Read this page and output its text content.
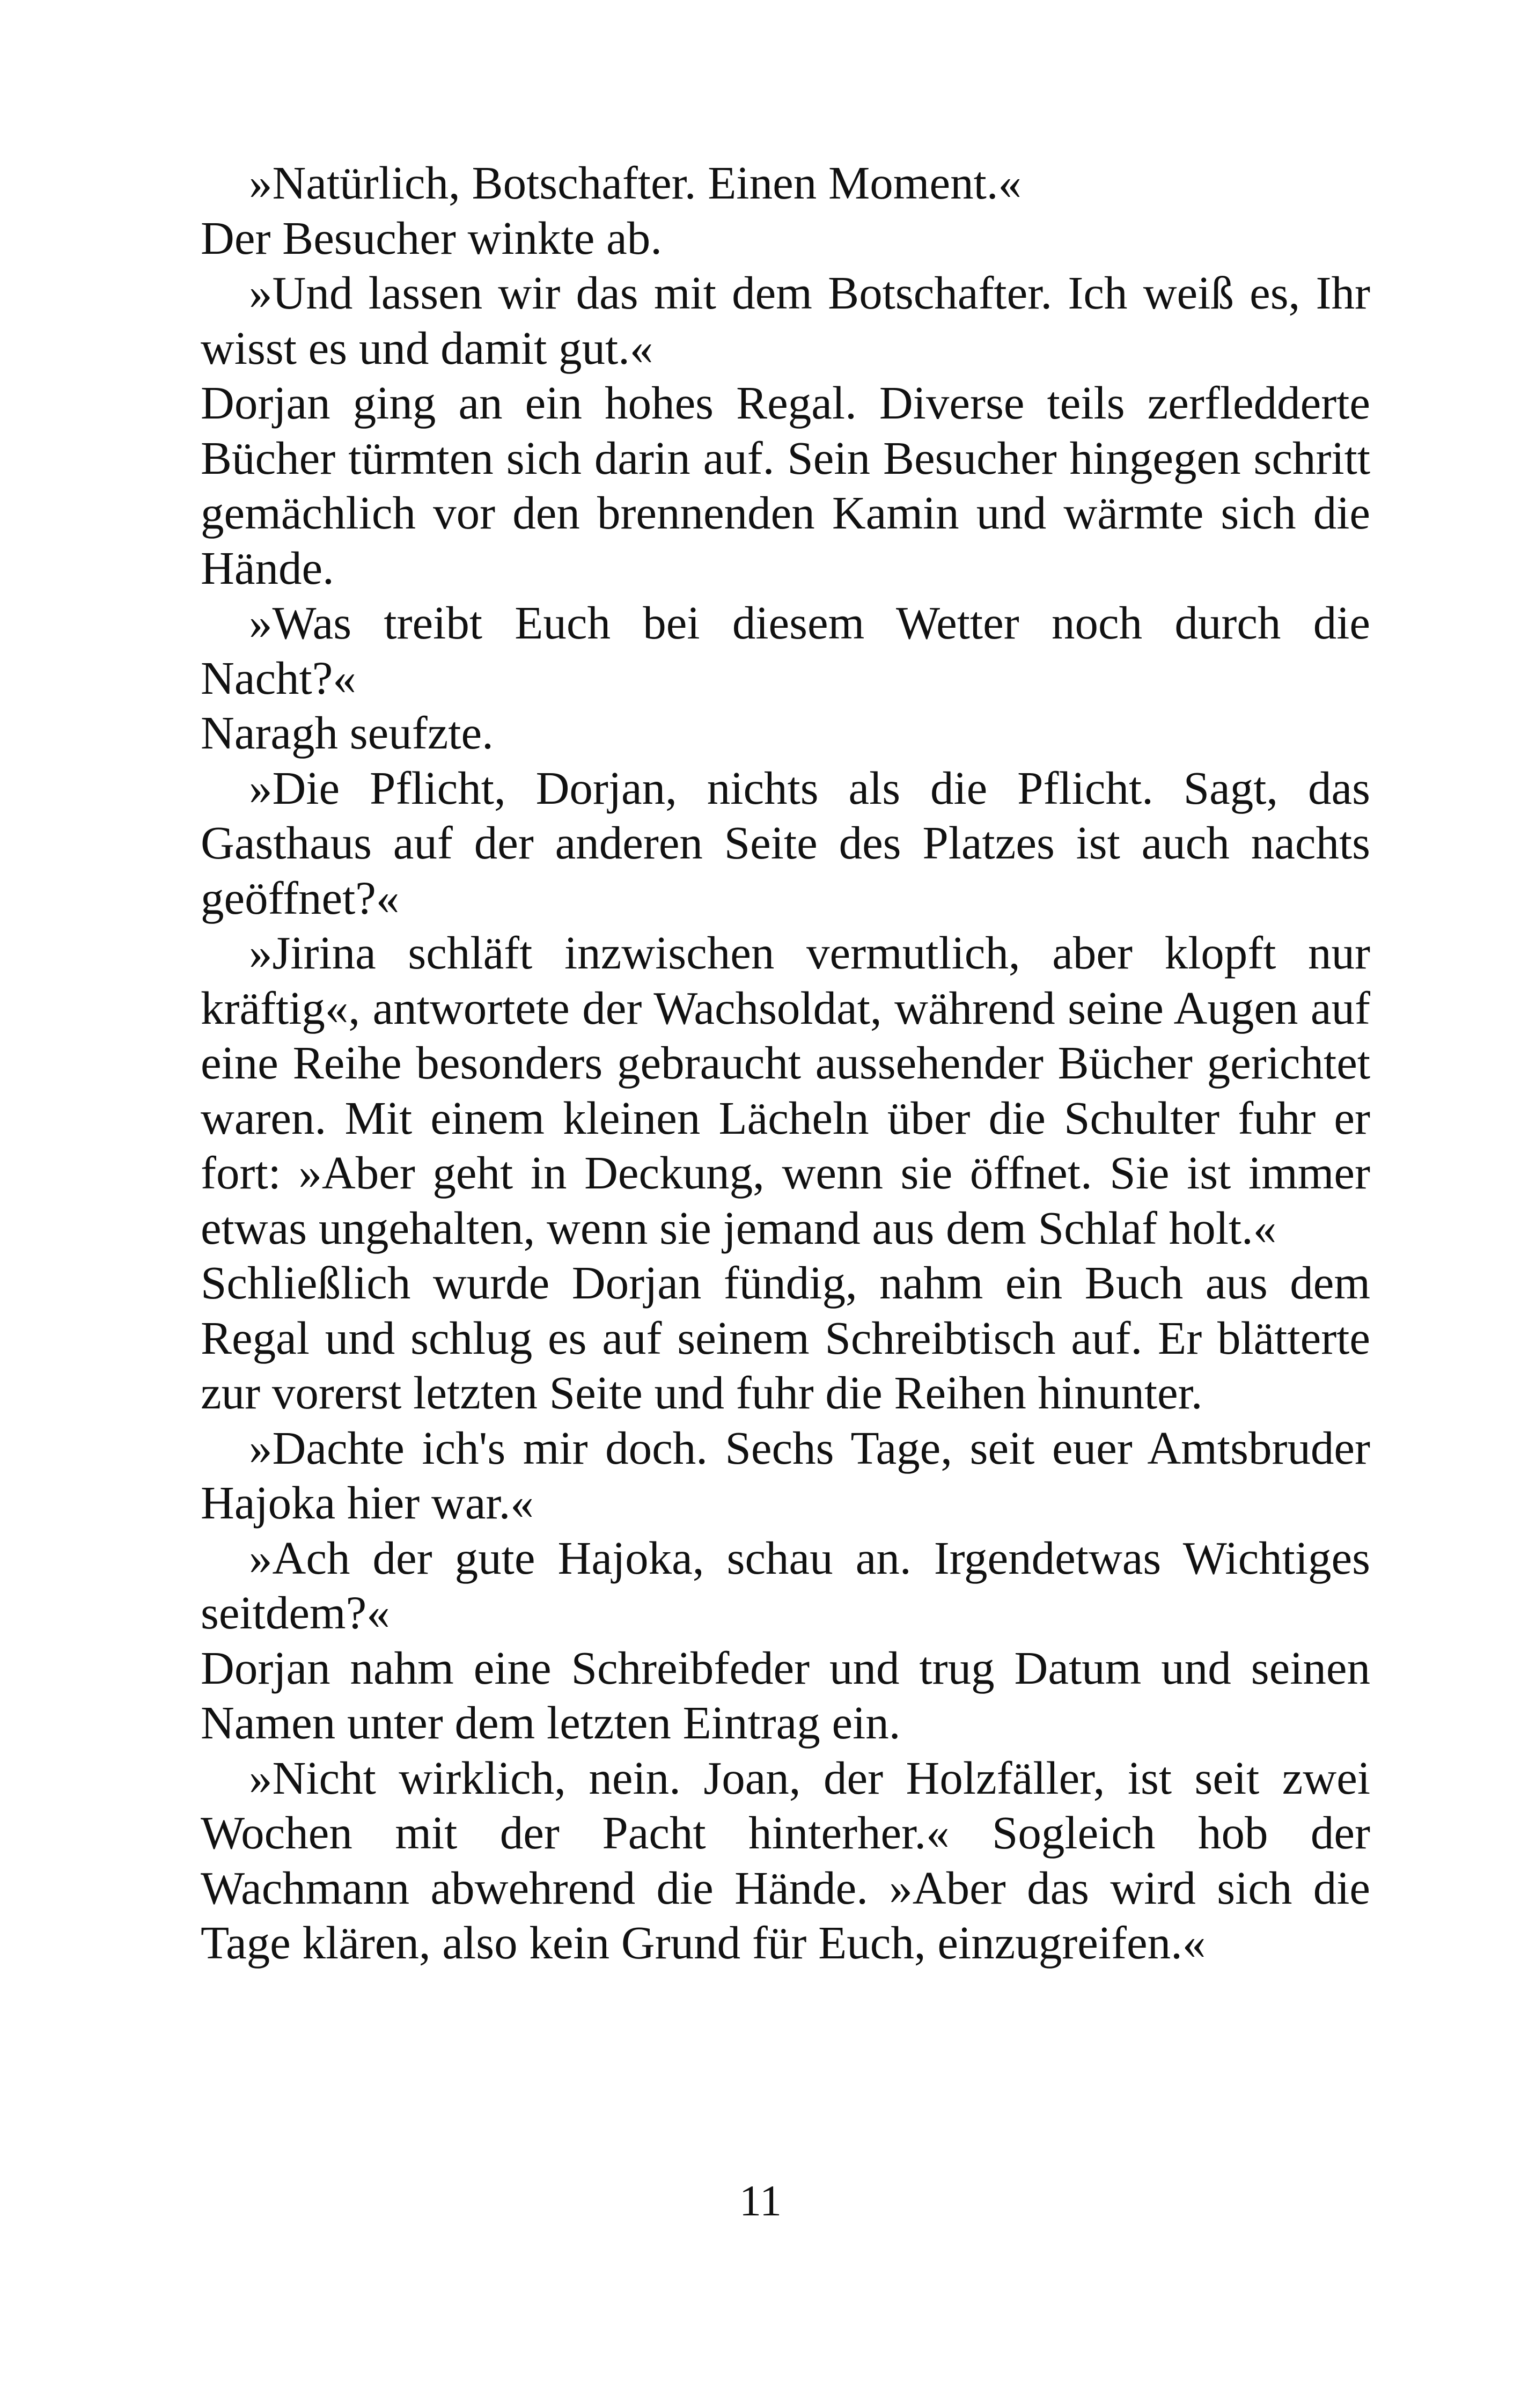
»Natürlich, Botschafter. Einen Moment.«

Der Besucher winkte ab.

»Und lassen wir das mit dem Botschafter. Ich weiß es, Ihr wisst es und damit gut.«

Dorjan ging an ein hohes Regal. Diverse teils zerfledderte Bücher türmten sich darin auf. Sein Besucher hingegen schritt gemächlich vor den brennenden Kamin und wärmte sich die Hände.

»Was treibt Euch bei diesem Wetter noch durch die Nacht?«

Naragh seufzte.

»Die Pflicht, Dorjan, nichts als die Pflicht. Sagt, das Gasthaus auf der anderen Seite des Platzes ist auch nachts geöffnet?«

»Jirina schläft inzwischen vermutlich, aber klopft nur kräftig«, antwortete der Wachsoldat, während seine Augen auf eine Reihe besonders gebraucht aussehender Bücher gerichtet waren. Mit einem kleinen Lächeln über die Schulter fuhr er fort: »Aber geht in Deckung, wenn sie öffnet. Sie ist immer etwas ungehalten, wenn sie jemand aus dem Schlaf holt.«

Schließlich wurde Dorjan fündig, nahm ein Buch aus dem Regal und schlug es auf seinem Schreibtisch auf. Er blätterte zur vorerst letzten Seite und fuhr die Reihen hinunter.

»Dachte ich's mir doch. Sechs Tage, seit euer Amtsbruder Hajoka hier war.«

»Ach der gute Hajoka, schau an. Irgendetwas Wichtiges seitdem?«

Dorjan nahm eine Schreibfeder und trug Datum und seinen Namen unter dem letzten Eintrag ein.

»Nicht wirklich, nein. Joan, der Holzfäller, ist seit zwei Wochen mit der Pacht hinterher.« Sogleich hob der Wachmann abwehrend die Hände. »Aber das wird sich die Tage klären, also kein Grund für Euch, einzugreifen.«

11
